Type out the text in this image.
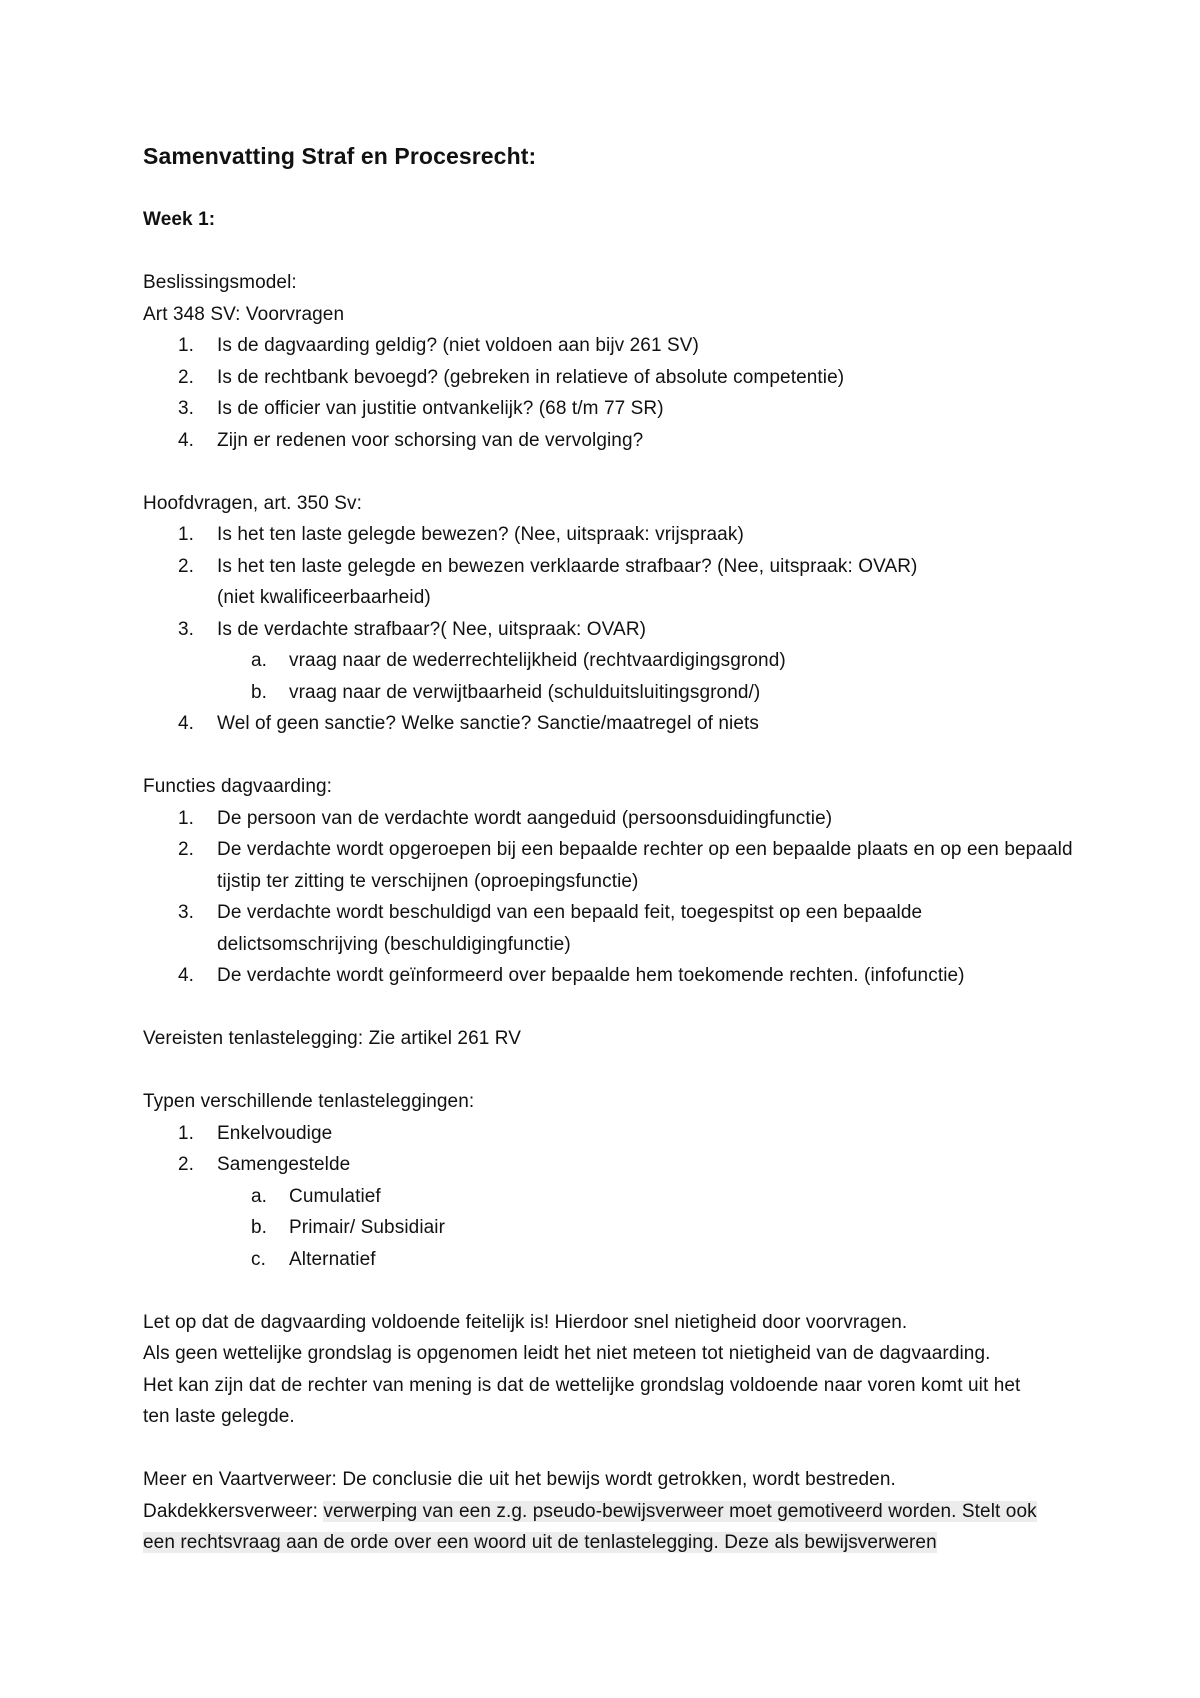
Samenvatting Straf en Procesrecht:

Week 1:

Beslissingsmodel:

Art 348 SV: Voorvragen

1.	Is de dagvaarding geldig? (niet voldoen aan bijv 261 SV)
2.	Is de rechtbank bevoegd? (gebreken in relatieve of absolute competentie)
3.	Is de officier van justitie ontvankelijk? (68 t/m 77 SR)
4.	Zijn er redenen voor schorsing van de vervolging?

Hoofdvragen, art. 350 Sv:

1.	Is het ten laste gelegde bewezen? (Nee, uitspraak: vrijspraak)
2.	Is het ten laste gelegde en bewezen verklaarde strafbaar? (Nee, uitspraak: OVAR) (niet kwalificeerbaarheid)
3.	Is de verdachte strafbaar?( Nee, uitspraak: OVAR)
a.	vraag naar de wederrechtelijkheid (rechtvaardigingsgrond)
b.	vraag naar de verwijtbaarheid (schulduitsluitingsgrond/)
4.	Wel of geen sanctie? Welke sanctie? Sanctie/maatregel of niets

Functies dagvaarding:

1.	De persoon van de verdachte wordt aangeduid (persoonsduidingfunctie)
2.	De verdachte wordt opgeroepen bij een bepaalde rechter op een bepaalde plaats en op een bepaald tijstip ter zitting te verschijnen (oproepingsfunctie)
3.	De verdachte wordt beschuldigd van een bepaald feit, toegespitst op een bepaalde delictsomschrijving (beschuldigingfunctie)
4.	De verdachte wordt geïnformeerd over bepaalde hem toekomende rechten. (infofunctie)

Vereisten tenlastelegging: Zie artikel 261 RV

Typen verschillende tenlasteleggingen:

1.	Enkelvoudige
2.	Samengestelde
a.	Cumulatief
b.	Primair/ Subsidiair
c.	Alternatief

Let op dat de dagvaarding voldoende feitelijk is! Hierdoor snel nietigheid door voorvragen.

Als geen wettelijke grondslag is opgenomen leidt het niet meteen tot nietigheid van de dagvaarding.

Het kan zijn dat de rechter van mening is dat de wettelijke grondslag voldoende naar voren komt uit het ten laste gelegde.

Meer en Vaartverweer: De conclusie die uit het bewijs wordt getrokken, wordt bestreden.

Dakdekkersverweer: verwerping van een z.g. pseudo-bewijsverweer moet gemotiveerd worden. Stelt ook een rechtsvraag aan de orde over een woord uit de tenlastelegging. Deze als bewijsverweren
